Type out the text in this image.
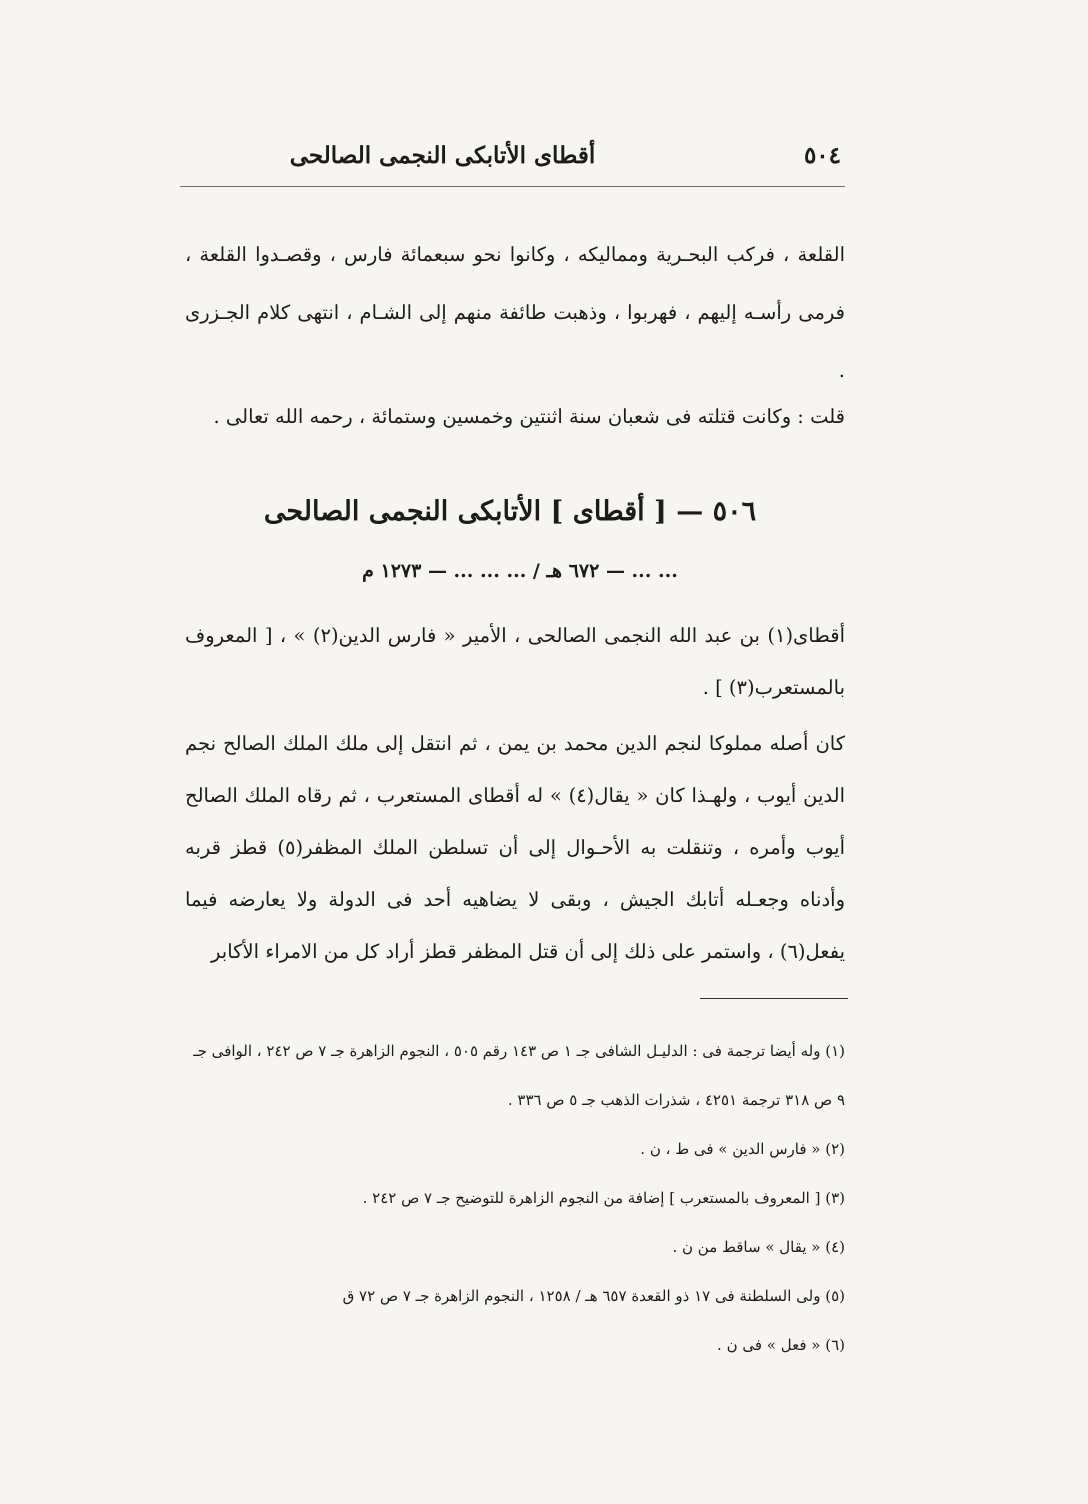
٥٠٤
أقطاى الأتابكى النجمى الصالحى
القلعة ، فركب البحـرية ومماليكه ، وكانوا نحو سبعمائة فارس ، وقصـدوا القلعة ، فرمى رأسـه إليهم ، فهربوا ، وذهبت طائفة منهم إلى الشـام ، انتهى كلام الجـزرى .
قلت : وكانت قتلته فى شعبان سنة اثنتين وخمسين وستمائة ، رحمه الله تعالى .
٥٠٦ — [ أقطاى ] الأتابكى النجمى الصالحى
... ... — ٦٧٢ هـ / ... ... ... — ١٢٧٣ م
أقطاى(١) بن عبد الله النجمى الصالحى ، الأمير « فارس الدين(٢) » ، [ المعروف بالمستعرب(٣) ] .
كان أصله مملوكا لنجم الدين محمد بن يمن ، ثم انتقل إلى ملك الملك الصالح نجم الدين أيوب ، ولهـذا كان « يقال(٤) » له أقطاى المستعرب ، ثم رقاه الملك الصالح أيوب وأمره ، وتنقلت به الأحـوال إلى أن تسلطن الملك المظفر(٥) قطز قربه وأدناه وجعـله أتابك الجيش ، وبقى لا يضاهيه أحد فى الدولة ولا يعارضه فيما يفعل(٦) ، واستمر على ذلك إلى أن قتل المظفر قطز أراد كل من الامراء الأكابر
(١) وله أيضا ترجمة فى : الدليـل الشافى جـ ١ ص ١٤٣ رقم ٥٠٥ ، النجوم الزاهرة جـ ٧ ص ٢٤٢ ، الوافى جـ ٩ ص ٣١٨ ترجمة ٤٢٥١ ، شذرات الذهب جـ ٥ ص ٣٣٦ .
(٢) « فارس الدين » فى ط ، ن .
(٣) [ المعروف بالمستعرب ] إضافة من النجوم الزاهرة للتوضيح جـ ٧ ص ٢٤٢ .
(٤) « يقال » ساقط من ن .
(٥) ولى السلطنة فى ١٧ ذو القعدة ٦٥٧ هـ / ١٢٥٨ ، النجوم الزاهرة جـ ٧ ص ٧٢ ق
(٦) « فعل » فى ن .
